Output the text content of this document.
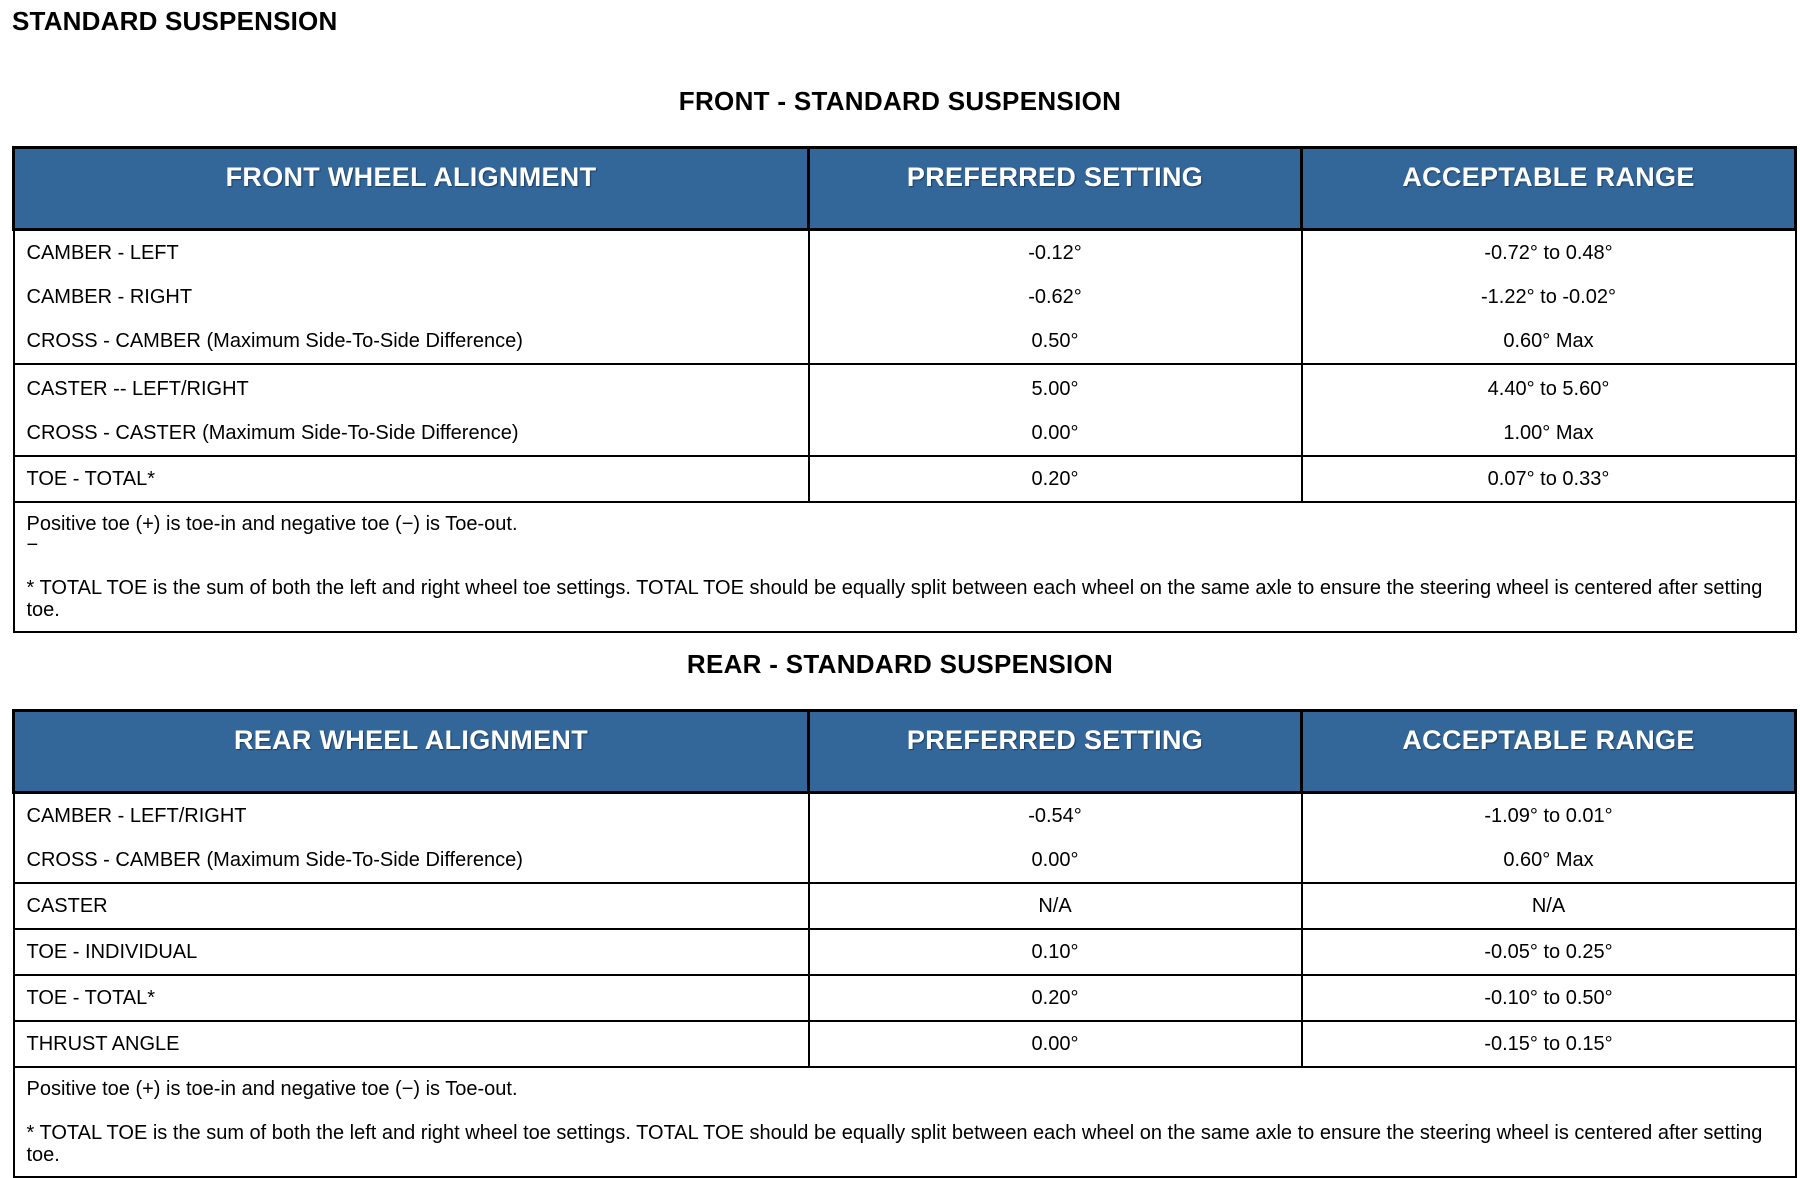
STANDARD SUSPENSION
FRONT - STANDARD SUSPENSION
FRONT WHEEL ALIGNMENT	PREFERRED SETTING	ACCEPTABLE RANGE
CAMBER - LEFT	-0.12°	-0.72° to 0.48°
CAMBER - RIGHT	-0.62°	-1.22° to -0.02°
CROSS - CAMBER (Maximum Side-To-Side Difference)	0.50°	0.60° Max
CASTER -- LEFT/RIGHT	5.00°	4.40° to 5.60°
CROSS - CASTER (Maximum Side-To-Side Difference)	0.00°	1.00° Max
TOE - TOTAL*	0.20°	0.07° to 0.33°

Positive toe (+) is toe-in and negative toe (−) is Toe-out.
−
* TOTAL TOE is the sum of both the left and right wheel toe settings. TOTAL TOE should be equally split between each wheel on the same axle to ensure the steering wheel is centered after setting toe.		
REAR - STANDARD SUSPENSION
REAR WHEEL ALIGNMENT	PREFERRED SETTING	ACCEPTABLE RANGE
CAMBER - LEFT/RIGHT	-0.54°	-1.09° to 0.01°
CROSS - CAMBER (Maximum Side-To-Side Difference)	0.00°	0.60° Max
CASTER	N/A	N/A
TOE - INDIVIDUAL	0.10°	-0.05° to 0.25°
TOE - TOTAL*	0.20°	-0.10° to 0.50°
THRUST ANGLE	0.00°	-0.15° to 0.15°

Positive toe (+) is toe-in and negative toe (−) is Toe-out.
* TOTAL TOE is the sum of both the left and right wheel toe settings. TOTAL TOE should be equally split between each wheel on the same axle to ensure the steering wheel is centered after setting toe.		
